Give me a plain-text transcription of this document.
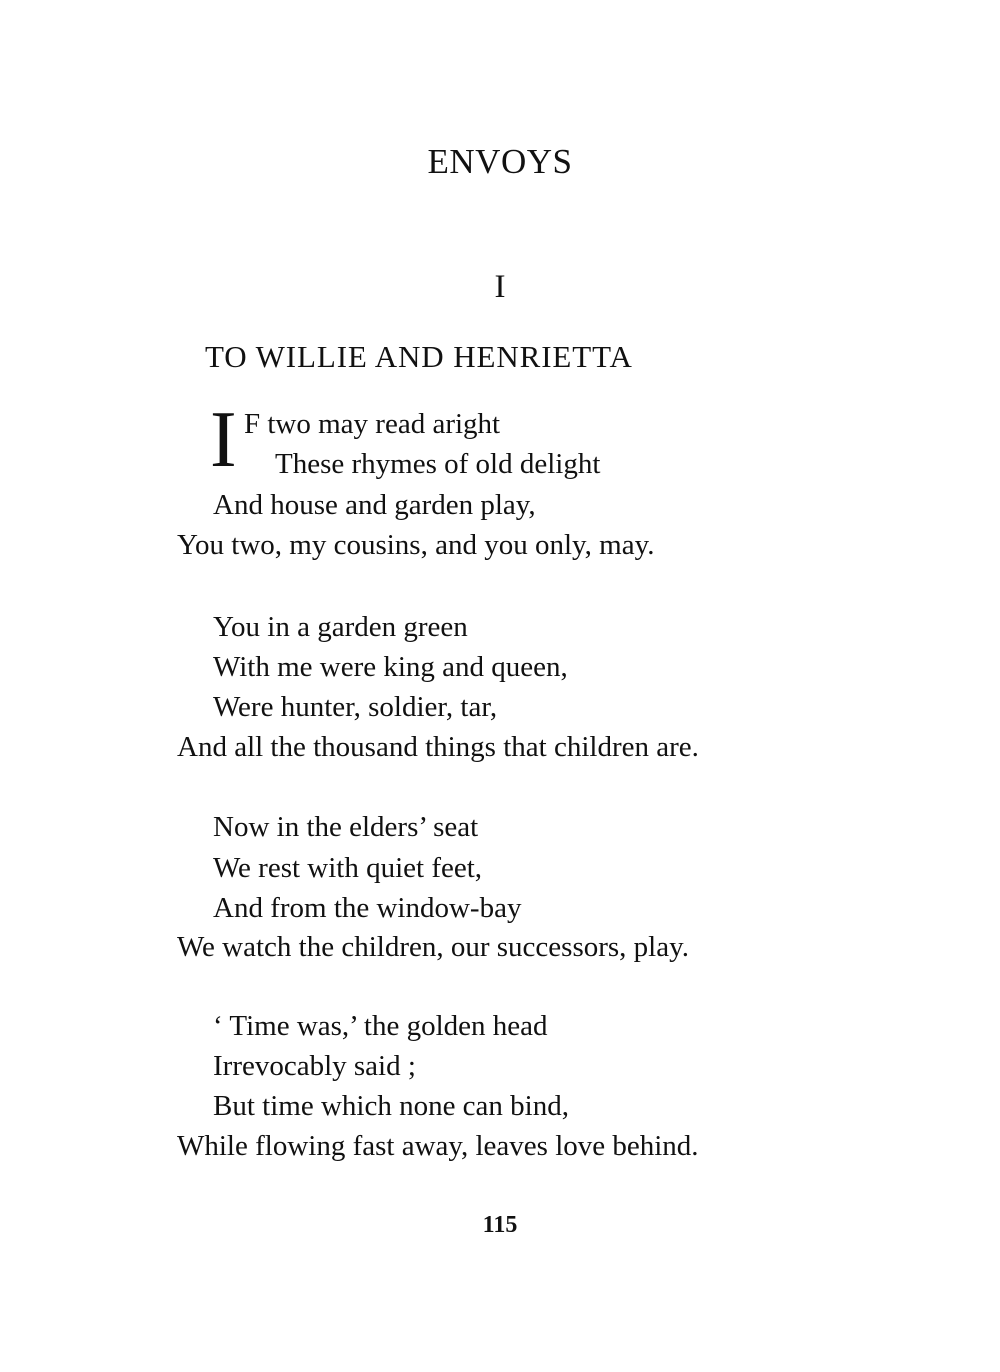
ENVOYS
I
TO WILLIE AND HENRIETTA
I F two may read aright
These rhymes of old delight
And house and garden play,
You two, my cousins, and you only, may.
You in a garden green
With me were king and queen,
Were hunter, soldier, tar,
And all the thousand things that children are.
Now in the elders’ seat
We rest with quiet feet,
And from the window-bay
We watch the children, our successors, play.
‘ Time was,’ the golden head
Irrevocably said ;
But time which none can bind,
While flowing fast away, leaves love behind.
115
